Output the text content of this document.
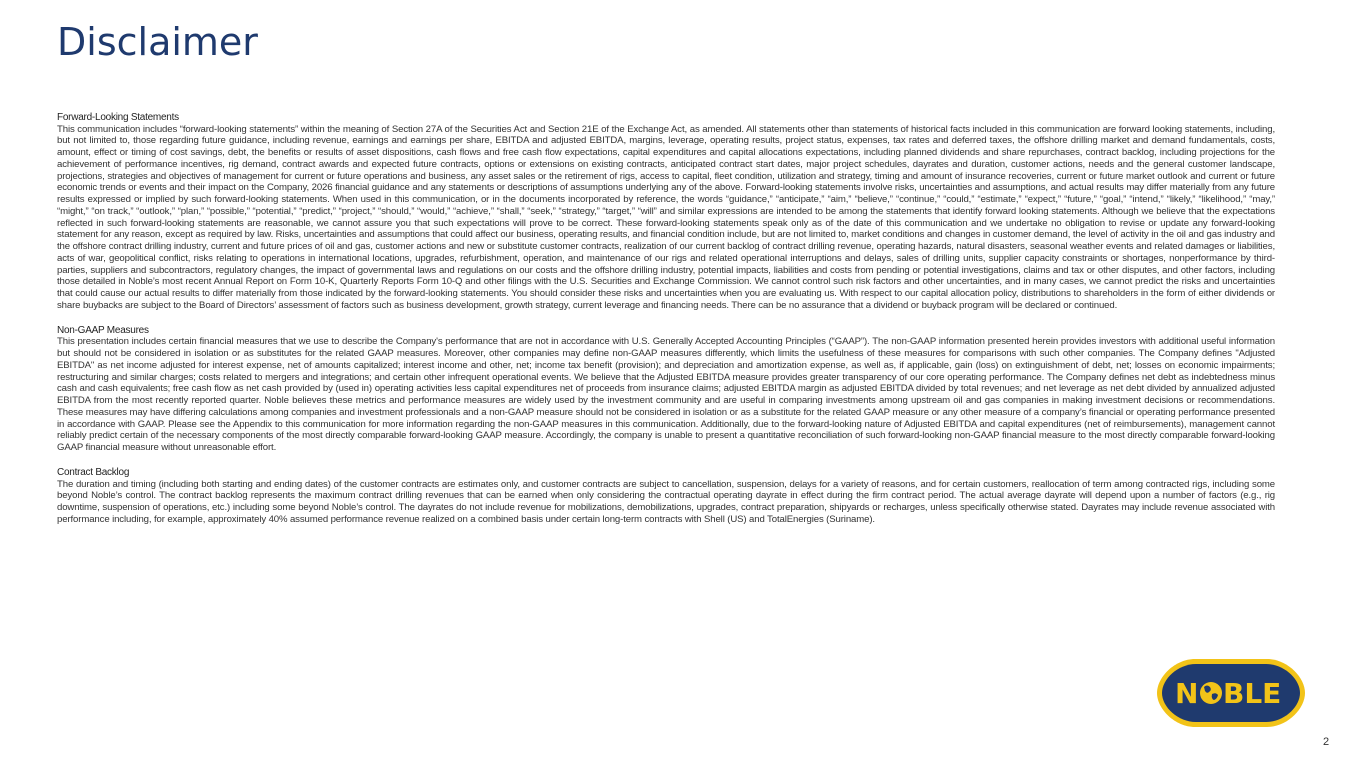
Disclaimer
Forward-Looking Statements

This communication includes “forward-looking statements” within the meaning of Section 27A of the Securities Act and Section 21E of the Exchange Act, as amended. All statements other than statements of historical facts included in this communication are forward looking statements, including, but not limited to, those regarding future guidance, including revenue, earnings and earnings per share, EBITDA and adjusted EBITDA, margins, leverage, operating results, project status, expenses, tax rates and deferred taxes, the offshore drilling market and demand fundamentals, costs, amount, effect or timing of cost savings, debt, the benefits or results of asset dispositions, cash flows and free cash flow expectations, capital expenditures and capital allocations expectations, including planned dividends and share repurchases, contract backlog, including projections for the achievement of performance incentives, rig demand, contract awards and expected future contracts, options or extensions on existing contracts, anticipated contract start dates, major project schedules, dayrates and duration, customer actions, needs and the general customer landscape, projections, strategies and objectives of management for current or future operations and business, any asset sales or the retirement of rigs, access to capital, fleet condition, utilization and strategy, timing and amount of insurance recoveries, current or future market outlook and current or future economic trends or events and their impact on the Company, 2026 financial guidance and any statements or descriptions of assumptions underlying any of the above. Forward-looking statements involve risks, uncertainties and assumptions, and actual results may differ materially from any future results expressed or implied by such forward-looking statements. When used in this communication, or in the documents incorporated by reference, the words “guidance,” “anticipate,” “aim,” “believe,” “continue,” “could,” “estimate,” “expect,” “future,” “goal,” “intend,” “likely,” “likelihood,” “may,” “might,” “on track,” “outlook,” “plan,” “possible,” “potential,” “predict,” “project,” “should,” “would,” “achieve,” “shall,” “seek,” “strategy,” “target,” “will” and similar expressions are intended to be among the statements that identify forward looking statements. Although we believe that the expectations reflected in such forward-looking statements are reasonable, we cannot assure you that such expectations will prove to be correct. These forward-looking statements speak only as of the date of this communication and we undertake no obligation to revise or update any forward-looking statement for any reason, except as required by law. Risks, uncertainties and assumptions that could affect our business, operating results, and financial condition include, but are not limited to, market conditions and changes in customer demand, the level of activity in the oil and gas industry and the offshore contract drilling industry, current and future prices of oil and gas, customer actions and new or substitute customer contracts, realization of our current backlog of contract drilling revenue, operating hazards, natural disasters, seasonal weather events and related damages or liabilities, acts of war, geopolitical conflict, risks relating to operations in international locations, upgrades, refurbishment, operation, and maintenance of our rigs and related operational interruptions and delays, sales of drilling units, supplier capacity constraints or shortages, nonperformance by third-parties, suppliers and subcontractors, regulatory changes, the impact of governmental laws and regulations on our costs and the offshore drilling industry, potential impacts, liabilities and costs from pending or potential investigations, claims and tax or other disputes, and other factors, including those detailed in Noble’s most recent Annual Report on Form 10-K, Quarterly Reports Form 10-Q and other filings with the U.S. Securities and Exchange Commission. We cannot control such risk factors and other uncertainties, and in many cases, we cannot predict the risks and uncertainties that could cause our actual results to differ materially from those indicated by the forward-looking statements. You should consider these risks and uncertainties when you are evaluating us. With respect to our capital allocation policy, distributions to shareholders in the form of either dividends or share buybacks are subject to the Board of Directors’ assessment of factors such as business development, growth strategy, current leverage and financing needs. There can be no assurance that a dividend or buyback program will be declared or continued.

Non-GAAP Measures

This presentation includes certain financial measures that we use to describe the Company's performance that are not in accordance with U.S. Generally Accepted Accounting Principles (“GAAP”). The non-GAAP information presented herein provides investors with additional useful information but should not be considered in isolation or as substitutes for the related GAAP measures. Moreover, other companies may define non-GAAP measures differently, which limits the usefulness of these measures for comparisons with such other companies. The Company defines "Adjusted EBITDA" as net income adjusted for interest expense, net of amounts capitalized; interest income and other, net; income tax benefit (provision); and depreciation and amortization expense, as well as, if applicable, gain (loss) on extinguishment of debt, net; losses on economic impairments; restructuring and similar charges; costs related to mergers and integrations; and certain other infrequent operational events. We believe that the Adjusted EBITDA measure provides greater transparency of our core operating performance. The Company defines net debt as indebtedness minus cash and cash equivalents; free cash flow as net cash provided by (used in) operating activities less capital expenditures net of proceeds from insurance claims; adjusted EBITDA margin as adjusted EBITDA divided by total revenues; and net leverage as net debt divided by annualized adjusted EBITDA from the most recently reported quarter. Noble believes these metrics and performance measures are widely used by the investment community and are useful in comparing investments among upstream oil and gas companies in making investment decisions or recommendations. These measures may have differing calculations among companies and investment professionals and a non-GAAP measure should not be considered in isolation or as a substitute for the related GAAP measure or any other measure of a company’s financial or operating performance presented in accordance with GAAP. Please see the Appendix to this communication for more information regarding the non-GAAP measures in this communication. Additionally, due to the forward-looking nature of Adjusted EBITDA and capital expenditures (net of reimbursements), management cannot reliably predict certain of the necessary components of the most directly comparable forward-looking GAAP measure. Accordingly, the company is unable to present a quantitative reconciliation of such forward-looking non-GAAP financial measure to the most directly comparable forward-looking GAAP financial measure without unreasonable effort.

Contract Backlog

The duration and timing (including both starting and ending dates) of the customer contracts are estimates only, and customer contracts are subject to cancellation, suspension, delays for a variety of reasons, and for certain customers, reallocation of term among contracted rigs, including some beyond Noble’s control. The contract backlog represents the maximum contract drilling revenues that can be earned when only considering the contractual operating dayrate in effect during the firm contract period. The actual average dayrate will depend upon a number of factors (e.g., rig downtime, suspension of operations, etc.) including some beyond Noble’s control. The dayrates do not include revenue for mobilizations, demobilizations, upgrades, contract preparation, shipyards or recharges, unless specifically otherwise stated. Dayrates may include revenue associated with performance including, for example, approximately 40% assumed performance revenue realized on a combined basis under certain long-term contracts with Shell (US) and TotalEnergies (Suriname).

N BLE
2
